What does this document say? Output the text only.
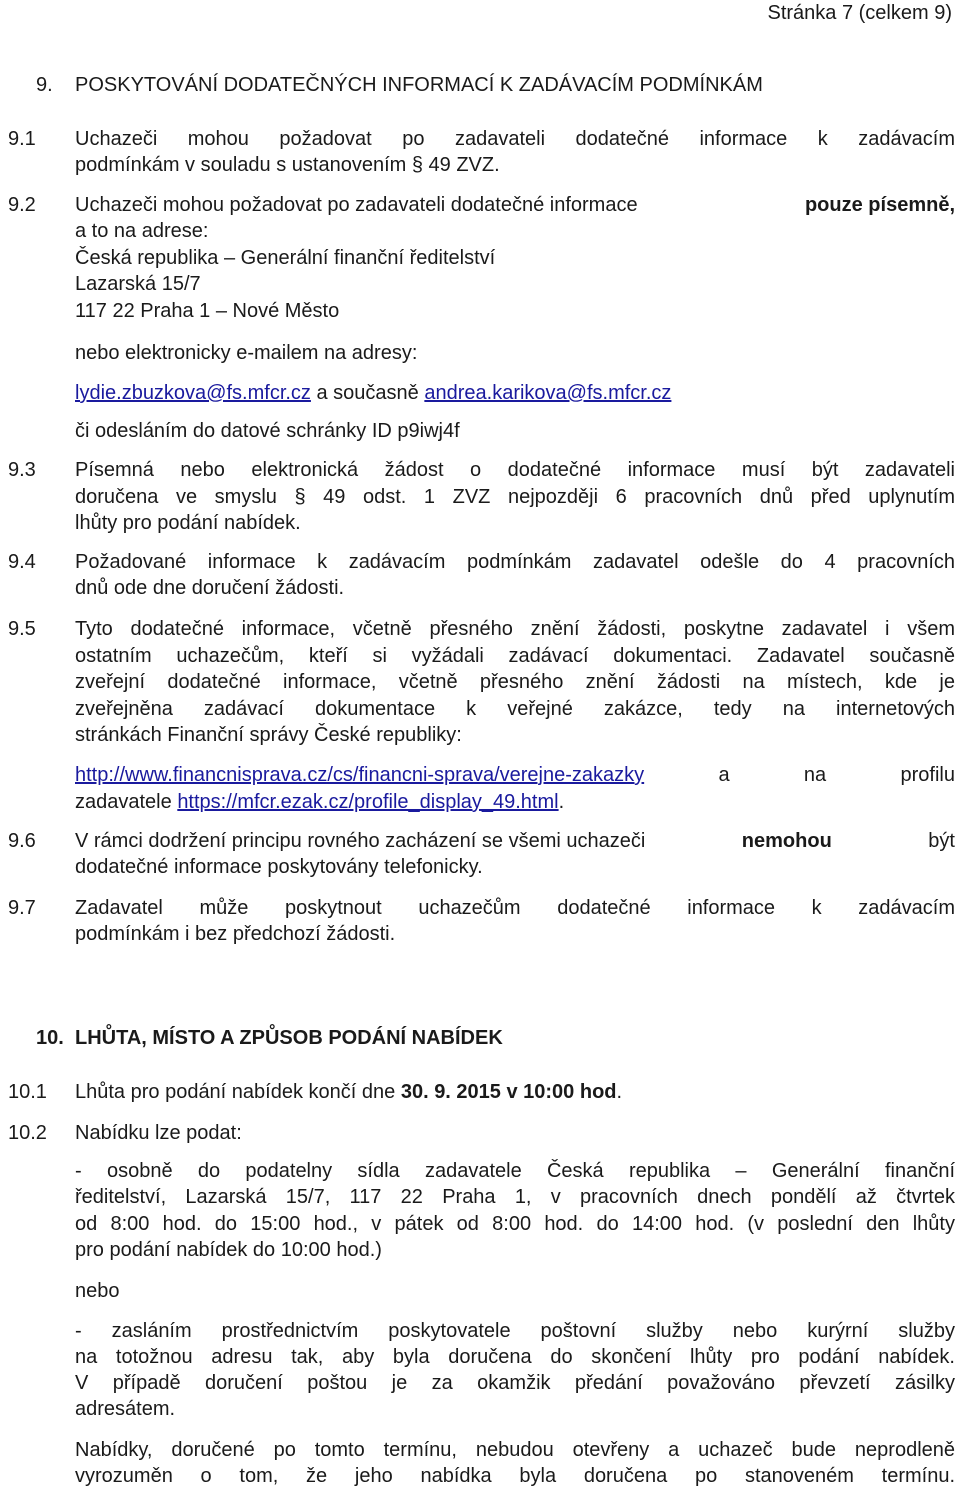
Stránka 7 (celkem 9)
9. POSKYTOVÁNÍ DODATEČNÝCH INFORMACÍ K ZADÁVACÍM PODMÍNKÁM
9.1 Uchazeči mohou požadovat po zadavateli dodatečné informace k zadávacím
podmínkám v souladu s ustanovením § 49 ZVZ.
9.2 Uchazeči mohou požadovat po zadavateli dodatečné informace	pouze písemně,
a to na adrese:
Česká republika – Generální finanční ředitelství
Lazarská 15/7
117 22 Praha 1 – Nové Město
nebo elektronicky e-mailem na adresy:
lydie.zbuzkova@fs.mfcr.cz a současně andrea.karikova@fs.mfcr.cz
či odesláním do datové schránky ID p9iwj4f
9.3 Písemná nebo elektronická žádost o dodatečné informace musí být zadavateli
doručena ve smyslu § 49 odst. 1 ZVZ nejpozději 6 pracovních dnů před uplynutím
lhůty pro podání nabídek.
9.4 Požadované informace k zadávacím podmínkám zadavatel odešle do 4 pracovních
dnů ode dne doručení žádosti.
9.5 Tyto dodatečné informace, včetně přesného znění žádosti, poskytne zadavatel i všem
ostatním uchazečům, kteří si vyžádali zadávací dokumentaci. Zadavatel současně
zveřejní dodatečné informace, včetně přesného znění žádosti na místech, kde je
zveřejněna zadávací dokumentace k veřejné zakázce, tedy na internetových
stránkách Finanční správy České republiky:
http://www.financnisprava.cz/cs/financni-sprava/verejne-zakazky	a	na	profilu
zadavatele https://mfcr.ezak.cz/profile_display_49.html.
9.6 V rámci dodržení principu rovného zacházení se všemi uchazeči	nemohou	být
dodatečné informace poskytovány telefonicky.
9.7 Zadavatel může poskytnout uchazečům dodatečné informace k zadávacím
podmínkám i bez předchozí žádosti.
10. LHŮTA, MÍSTO A ZPŮSOB PODÁNÍ NABÍDEK
10.1 Lhůta pro podání nabídek končí dne 30. 9. 2015 v 10:00 hod.
10.2 Nabídku lze podat:
- osobně do podatelny sídla zadavatele Česká republika – Generální finanční
ředitelství, Lazarská 15/7, 117 22 Praha 1, v pracovních dnech pondělí až čtvrtek
od 8:00 hod. do 15:00 hod., v pátek od 8:00 hod. do 14:00 hod. (v poslední den lhůty
pro podání nabídek do 10:00 hod.)
nebo
- zasláním prostřednictvím poskytovatele poštovní služby nebo kurýrní služby
na totožnou adresu tak, aby byla doručena do skončení lhůty pro podání nabídek.
V případě doručení poštou je za okamžik předání považováno převzetí zásilky
adresátem.
Nabídky, doručené po tomto termínu, nebudou otevřeny a uchazeč bude neprodleně
vyrozuměn o tom, že jeho nabídka byla doručena po stanoveném termínu.
